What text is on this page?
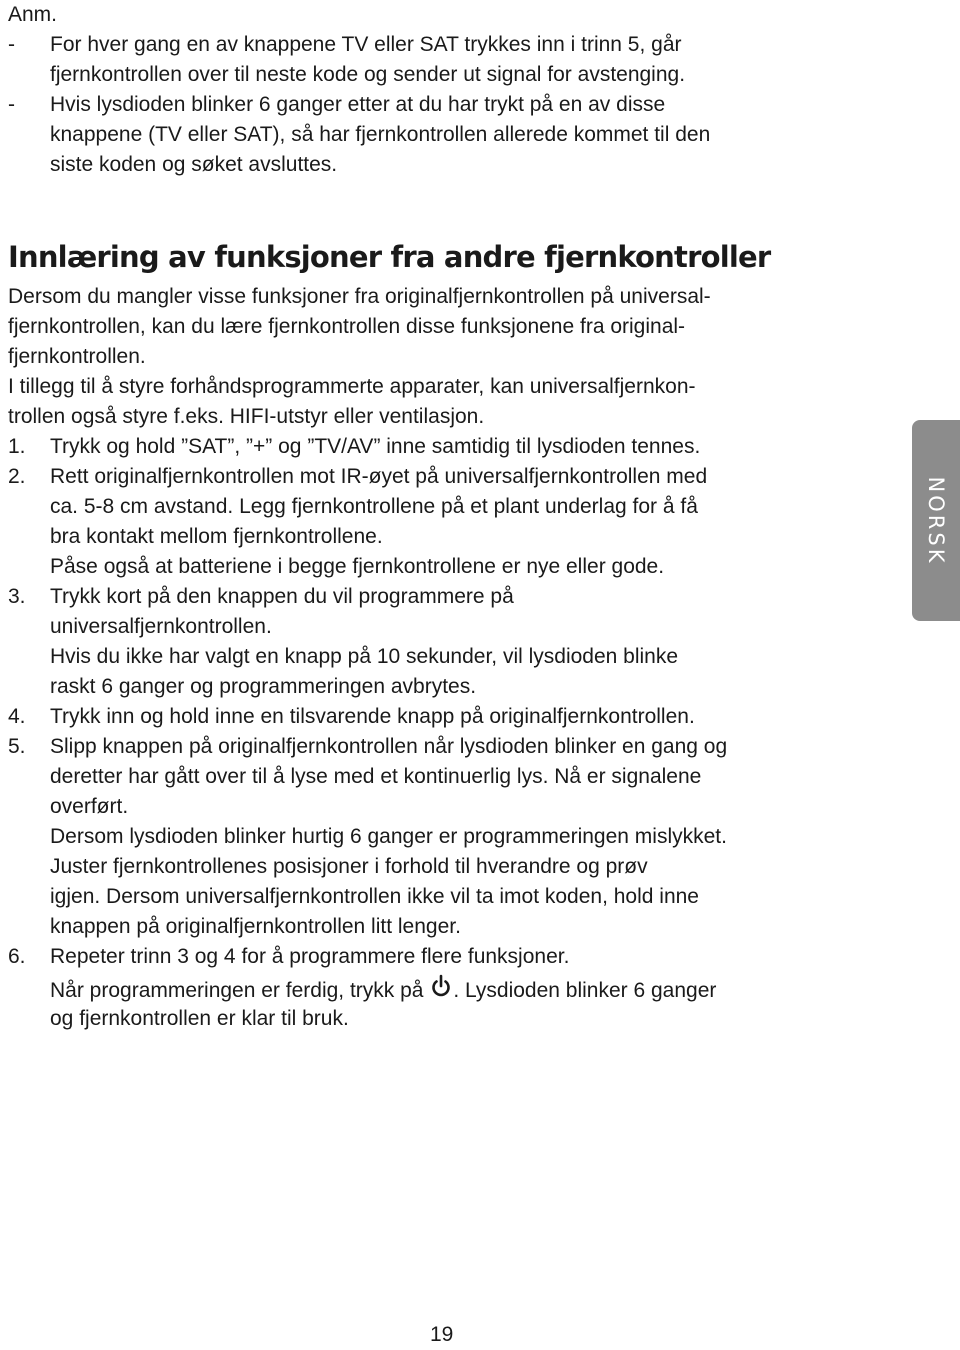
Anm.
- For hver gang en av knappene TV eller SAT trykkes inn i trinn 5, går
fjernkontrollen over til neste kode og sender ut signal for avstenging.
- Hvis lysdioden blinker 6 ganger etter at du har trykt på en av disse
knappene (TV eller SAT), så har fjernkontrollen allerede kommet til den
siste koden og søket avsluttes.
Innlæring av funksjoner fra andre fjernkontroller
Dersom du mangler visse funksjoner fra originalfjernkontrollen på universal-
fjernkontrollen, kan du lære fjernkontrollen disse funksjonene fra original-
fjernkontrollen.
I tillegg til å styre forhåndsprogrammerte apparater, kan universalfjernkon-
trollen også styre f.eks. HIFI-utstyr eller ventilasjon.
1. Trykk og hold ”SAT”, ”+” og ”TV/AV” inne samtidig til lysdioden tennes.
2. Rett originalfjernkontrollen mot IR-øyet på universalfjernkontrollen med
ca. 5-8 cm avstand. Legg fjernkontrollene på et plant underlag for å få
bra kontakt mellom fjernkontrollene.
Påse også at batteriene i begge fjernkontrollene er nye eller gode.
3. Trykk kort på den knappen du vil programmere på
universalfjernkontrollen.
Hvis du ikke har valgt en knapp på 10 sekunder, vil lysdioden blinke
raskt 6 ganger og programmeringen avbrytes.
4. Trykk inn og hold inne en tilsvarende knapp på originalfjernkontrollen.
5. Slipp knappen på originalfjernkontrollen når lysdioden blinker en gang og
deretter har gått over til å lyse med et kontinuerlig lys. Nå er signalene
overført.
Dersom lysdioden blinker hurtig 6 ganger er programmeringen mislykket.
Juster fjernkontrollenes posisjoner i forhold til hverandre og prøv
igjen. Dersom universalfjernkontrollen ikke vil ta imot koden, hold inne
knappen på originalfjernkontrollen litt lenger.
6. Repeter trinn 3 og 4 for å programmere flere funksjoner.
Når programmeringen er ferdig, trykk på . Lysdioden blinker 6 ganger
og fjernkontrollen er klar til bruk.
NORSK
19
